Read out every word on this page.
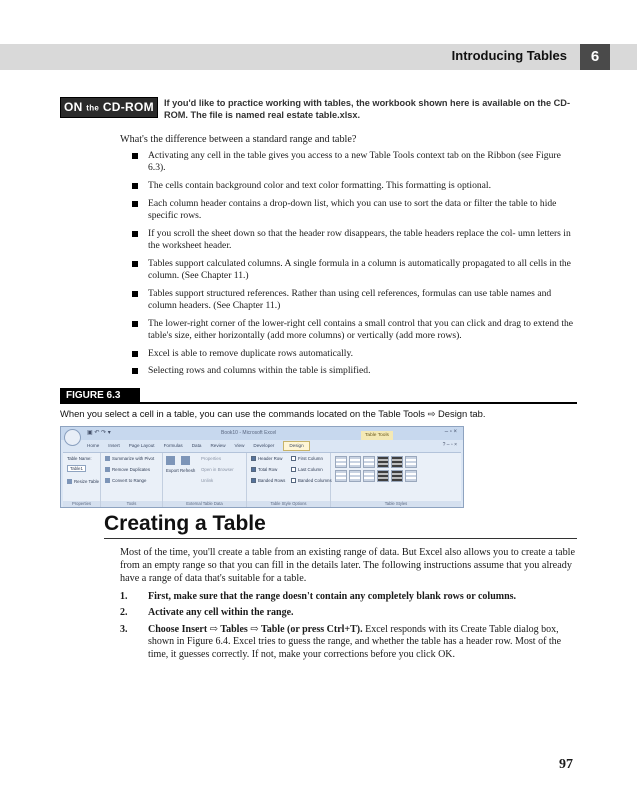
Introducing Tables	6
ON the CD-ROM	If you'd like to practice working with tables, the workbook shown here is available on the CD-ROM. The file is named real estate table.xlsx.

What's the difference between a standard range and table?

Activating any cell in the table gives you access to a new Table Tools context tab on the Ribbon (see Figure 6.3).
The cells contain background color and text color formatting. This formatting is optional.
Each column header contains a drop-down list, which you can use to sort the data or filter the table to hide specific rows.
If you scroll the sheet down so that the header row disappears, the table headers replace the col- umn letters in the worksheet header.
Tables support calculated columns. A single formula in a column is automatically propagated to all cells in the column. (See Chapter 11.)
Tables support structured references. Rather than using cell references, formulas can use table names and column headers. (See Chapter 11.)
The lower-right corner of the lower-right cell contains a small control that you can click and drag to extend the table's size, either horizontally (add more columns) or vertically (add more rows).
Excel is able to remove duplicate rows automatically.
Selecting rows and columns within the table is simplified.
FIGURE 6.3
When you select a cell in a table, you can use the commands located on the Table Tools ⇨ Design tab.
▣ ↶ ↷ ▾	Book10 - Microsoft Excel	Table Tools
– ▫ ×
Home Insert Page Layout Formulas Data Review View Developer	Design	? – ▫ ×
Table Name:
Table1
Resize Table
Properties
Summarize with Pivot
Remove Duplicates
Convert to Range
Tools
Export Refresh
Properties
Open in Browser
Unlink
External Table Data
Header Row	First Column
Total Row	Last Column
Banded Rows	Banded Columns
Table Style Options	Table Styles
Creating a Table

Most of the time, you'll create a table from an existing range of data. But Excel also allows you to create a table from an empty range so that you can fill in the details later. The following instructions assume that you already have a range of data that's suitable for a table.

1. First, make sure that the range doesn't contain any completely blank rows or columns.
2. Activate any cell within the range.
3. Choose Insert ⇨ Tables ⇨ Table (or press Ctrl+T). Excel responds with its Create Table dialog box, shown in Figure 6.4. Excel tries to guess the range, and whether the table has a header row. Most of the time, it guesses correctly. If not, make your corrections before you click OK.
97
